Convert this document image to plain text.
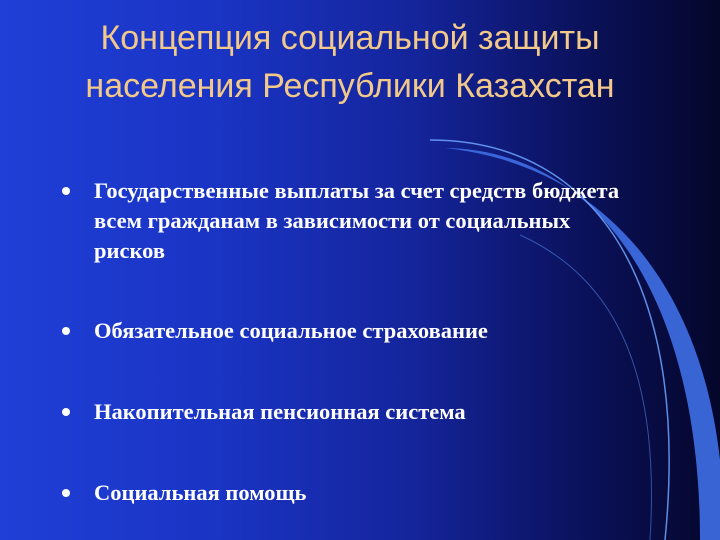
Концепция социальной защиты населения Республики Казахстан
Государственные выплаты за счет средств бюджета всем гражданам в зависимости от социальных рисков
Обязательное социальное страхование
Накопительная пенсионная система
Социальная помощь
